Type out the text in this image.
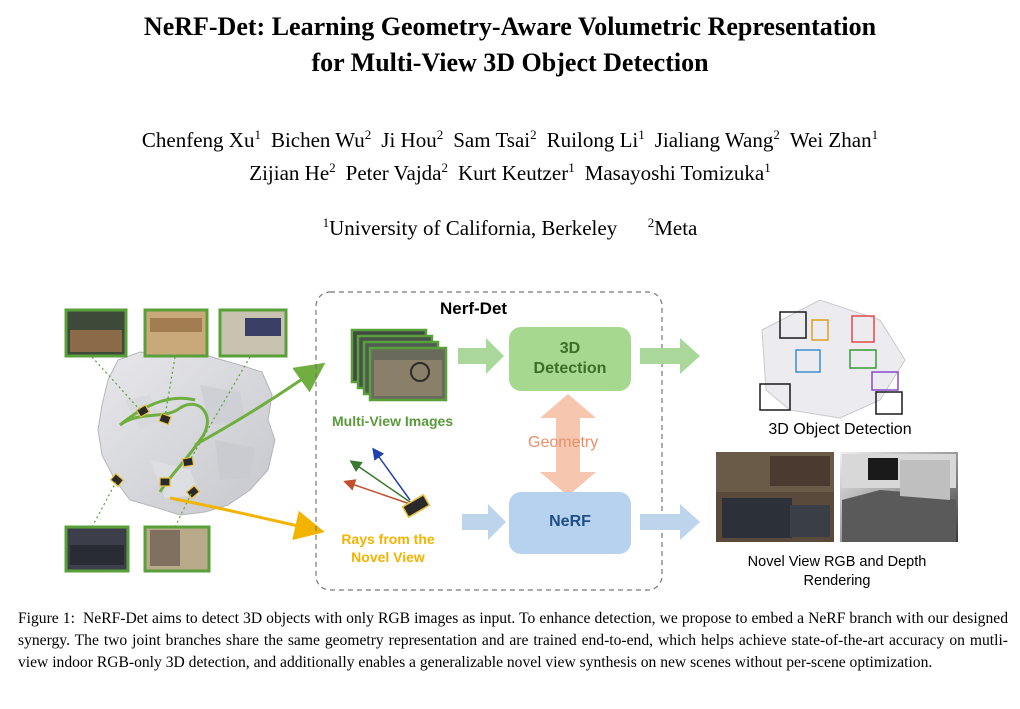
NeRF-Det: Learning Geometry-Aware Volumetric Representation
for Multi-View 3D Object Detection
Chenfeng Xu$^1$ Bichen Wu$^2$ Ji Hou$^2$ Sam Tsai$^2$ Ruilong Li$^1$ Jialiang Wang$^2$ Wei Zhan$^1$
Zijian He$^2$ Peter Vajda$^2$ Kurt Keutzer$^1$ Masayoshi Tomizuka$^1$
$^1$University of California, Berkeley $^2$Meta
Nerf-Det
3D
Detection
NeRF
Geometry
Multi-View Images
Rays from the
Novel View
3D Object Detection
Novel View RGB and Depth
Rendering
Figure 1: NeRF-Det aims to detect 3D objects with only RGB images as input. To enhance detection, we propose to embed a NeRF branch with our designed synergy. The two joint branches share the same geometry representation and are trained end-to-end, which helps achieve state-of-the-art accuracy on mutli-view indoor RGB-only 3D detection, and additionally enables a generalizable novel view synthesis on new scenes without per-scene optimization.
